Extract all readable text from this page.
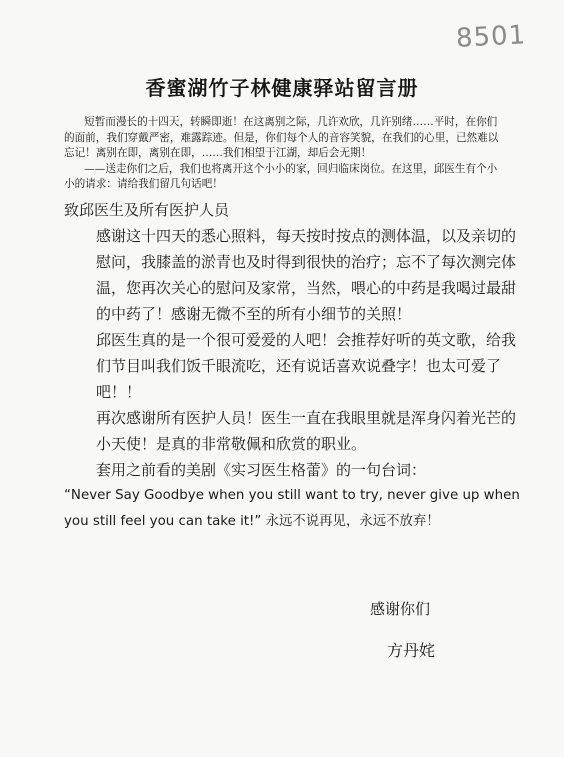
8501
香蜜湖竹子林健康驿站留言册

短暂而漫长的十四天，转瞬即逝！在这离别之际，几许欢欣，几许别绪……平时，在你们的面前，我们穿戴严密，难露踪迹。但是，你们每个人的音容笑貌，在我们的心里，已然难以忘记！离别在即，离别在即，……我们相望于江湖，却后会无期！

——送走你们之后，我们也将离开这个小小的家，回归临床岗位。在这里，邱医生有个小小的请求：请给我们留几句话吧！

致邱医生及所有医护人员

感谢这十四天的悉心照料，每天按时按点的测体温，以及亲切的慰问，我膝盖的淤青也及时得到很快的治疗；忘不了每次测完体温，您再次关心的慰问及家常，当然，喂心的中药是我喝过最甜的中药了！感谢无微不至的所有小细节的关照！

邱医生真的是一个很可爱爱的人吧！会推荐好听的英文歌，给我们节目叫我们饭千眼流吃，还有说话喜欢说叠字！也太可爱了吧！！

再次感谢所有医护人员！医生一直在我眼里就是浑身闪着光芒的小天使！是真的非常敬佩和欣赏的职业。

套用之前看的美剧《实习医生格蕾》的一句台词：

“Never Say Goodbye when you still want to try, never give up when you still feel you can take it!” 永远不说再见，永远不放弃！

感谢你们
方丹姹
